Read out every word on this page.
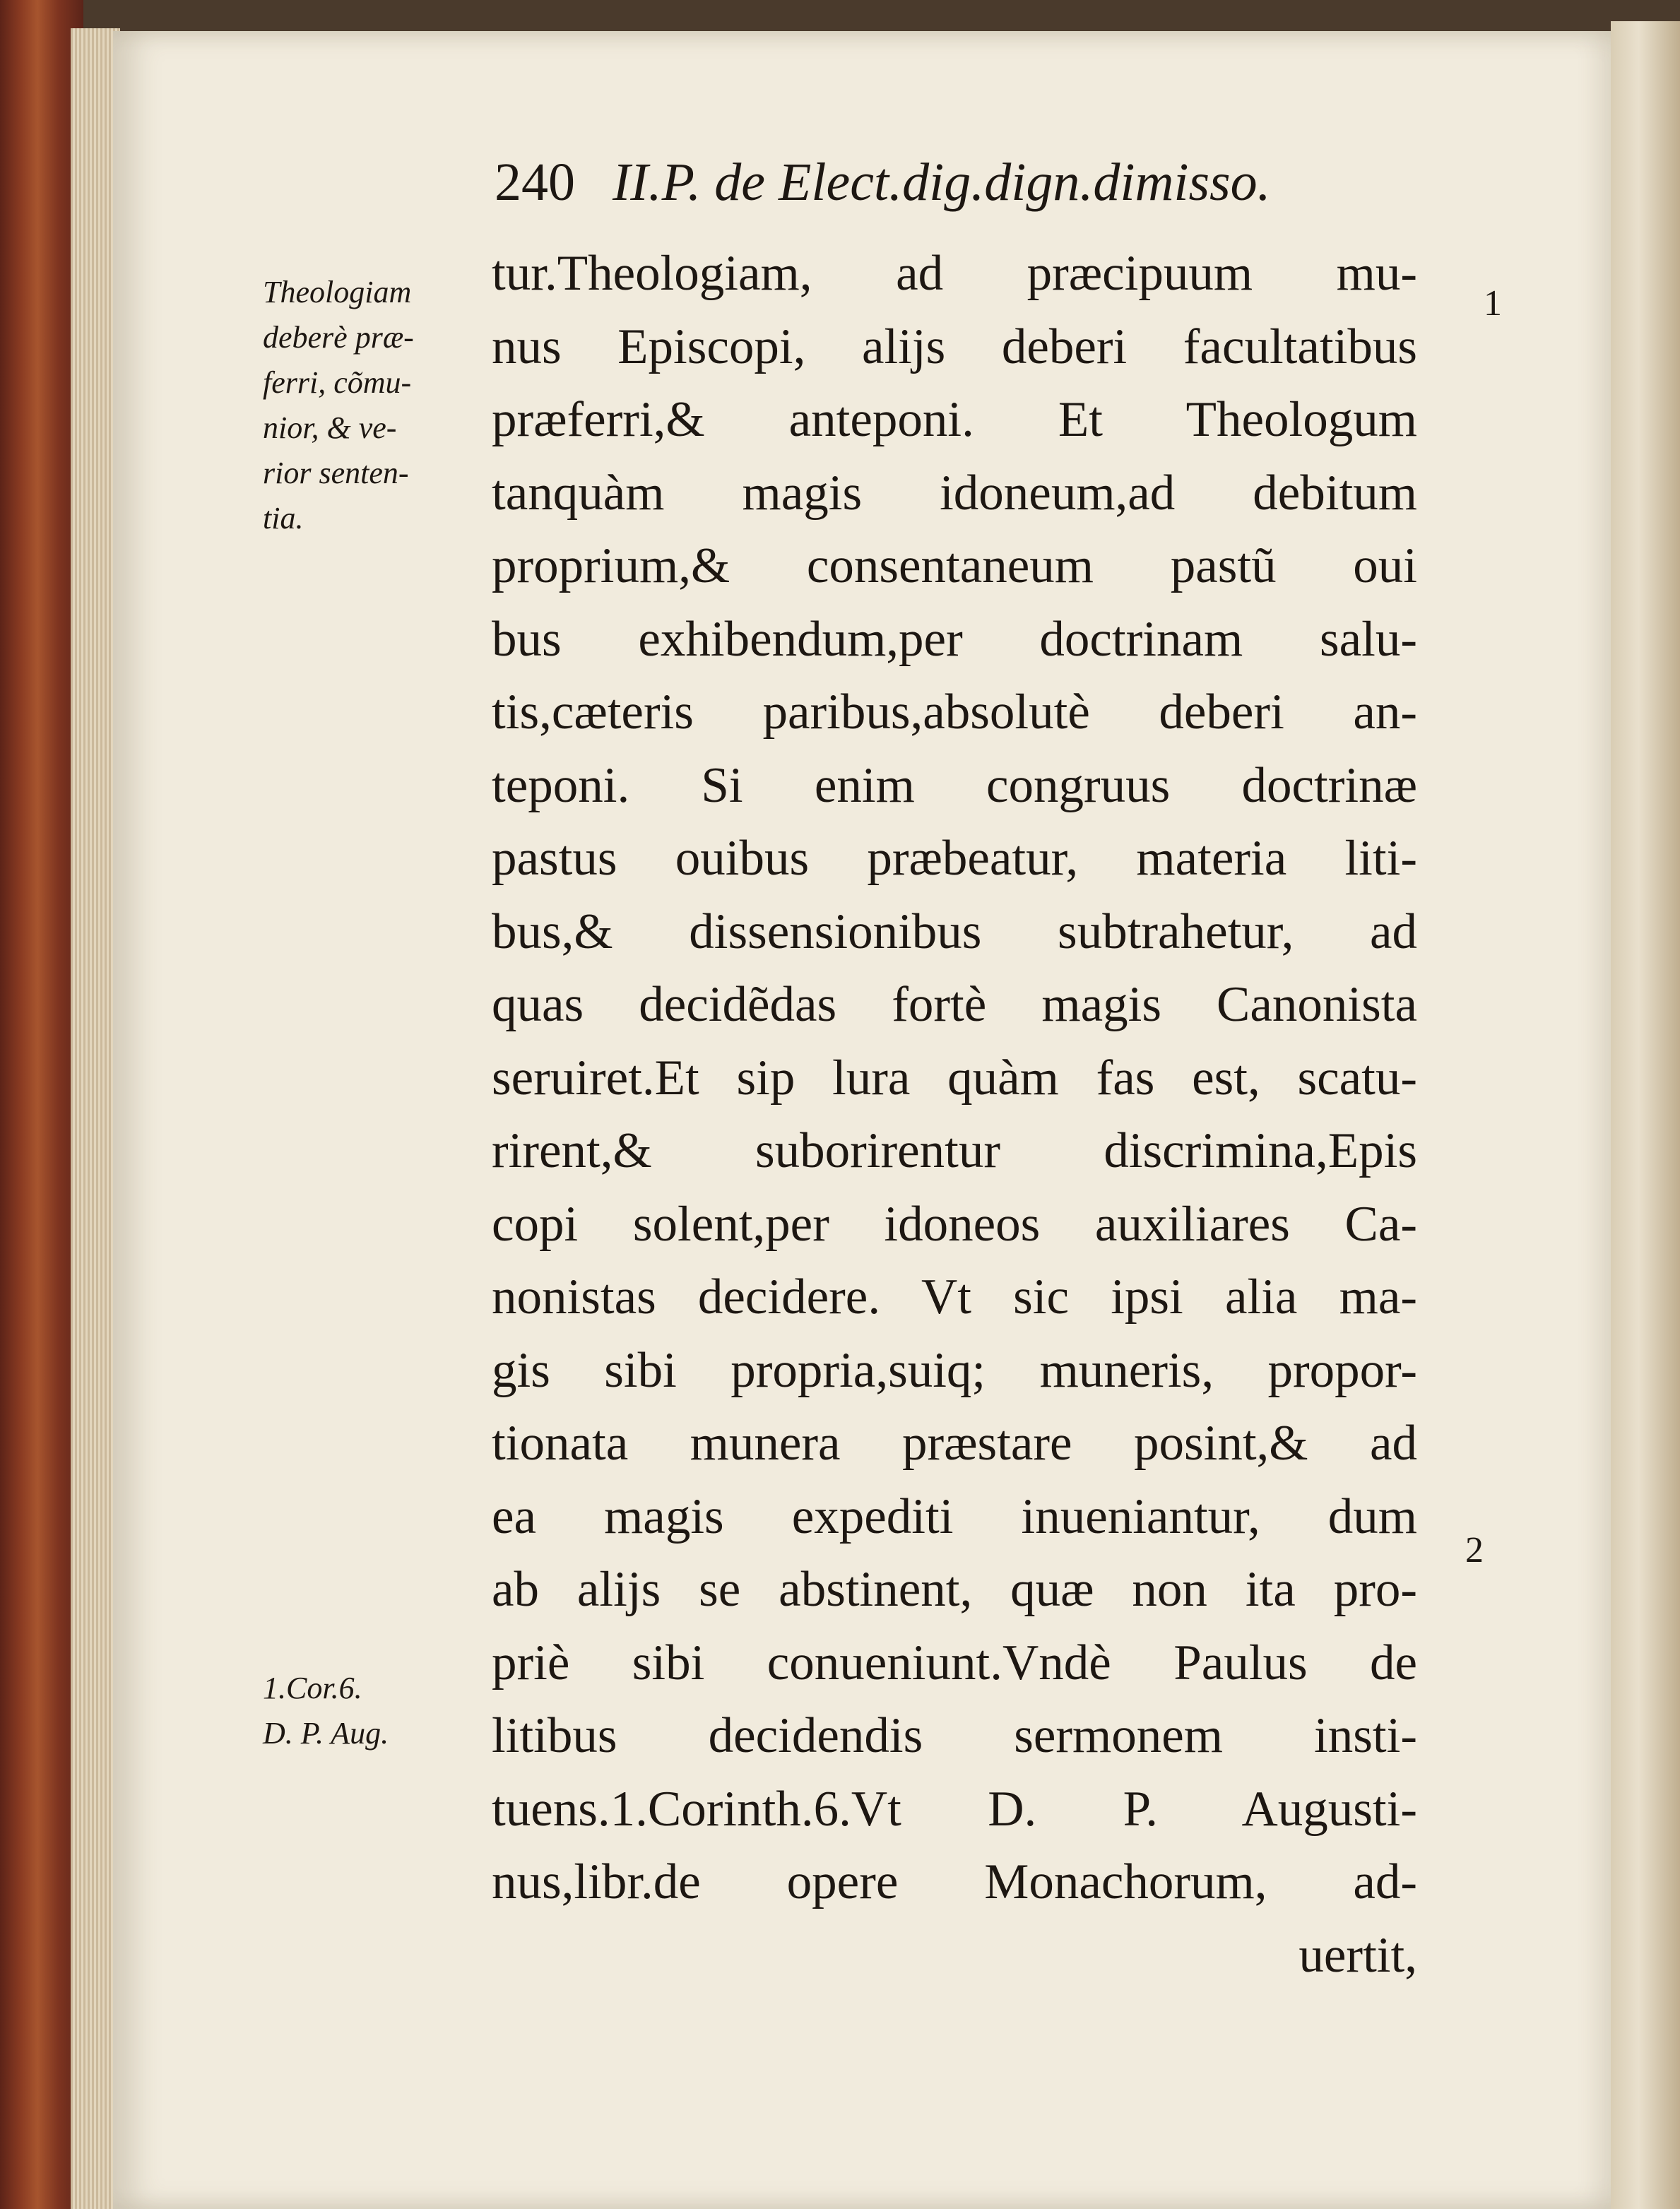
240 II.P. de Elect.dig.dign.dimisso.
Theologiam
deberè præ-
ferri, cõmu-
nior, & ve-
rior senten-
tia.
1.Cor.6.
D. P. Aug.
1
2
tur.Theologiam, ad præcipuum mu-
nus Episcopi, alijs deberi facultatibus
præferri,& anteponi. Et Theologum
tanquàm magis idoneum,ad debitum
proprium,& consentaneum pastũ oui
bus exhibendum,per doctrinam salu-
tis,cæteris paribus,absolutè deberi an-
teponi. Si enim congruus doctrinæ
pastus ouibus præbeatur, materia liti-
bus,& dissensionibus subtrahetur, ad
quas decidẽdas fortè magis Canonista
seruiret.Et sip lura quàm fas est, scatu-
rirent,& suborirentur discrimina,Epis
copi solent,per idoneos auxiliares Ca-
nonistas decidere. Vt sic ipsi alia ma-
gis sibi propria,suiq; muneris, propor-
tionata munera præstare posint,& ad
ea magis expediti inueniantur, dum
ab alijs se abstinent, quæ non ita pro-
priè sibi conueniunt.Vndè Paulus de
litibus decidendis sermonem insti-
tuens.1.Corinth.6.Vt D. P. Augusti-
nus,libr.de opere Monachorum, ad-
uertit,
